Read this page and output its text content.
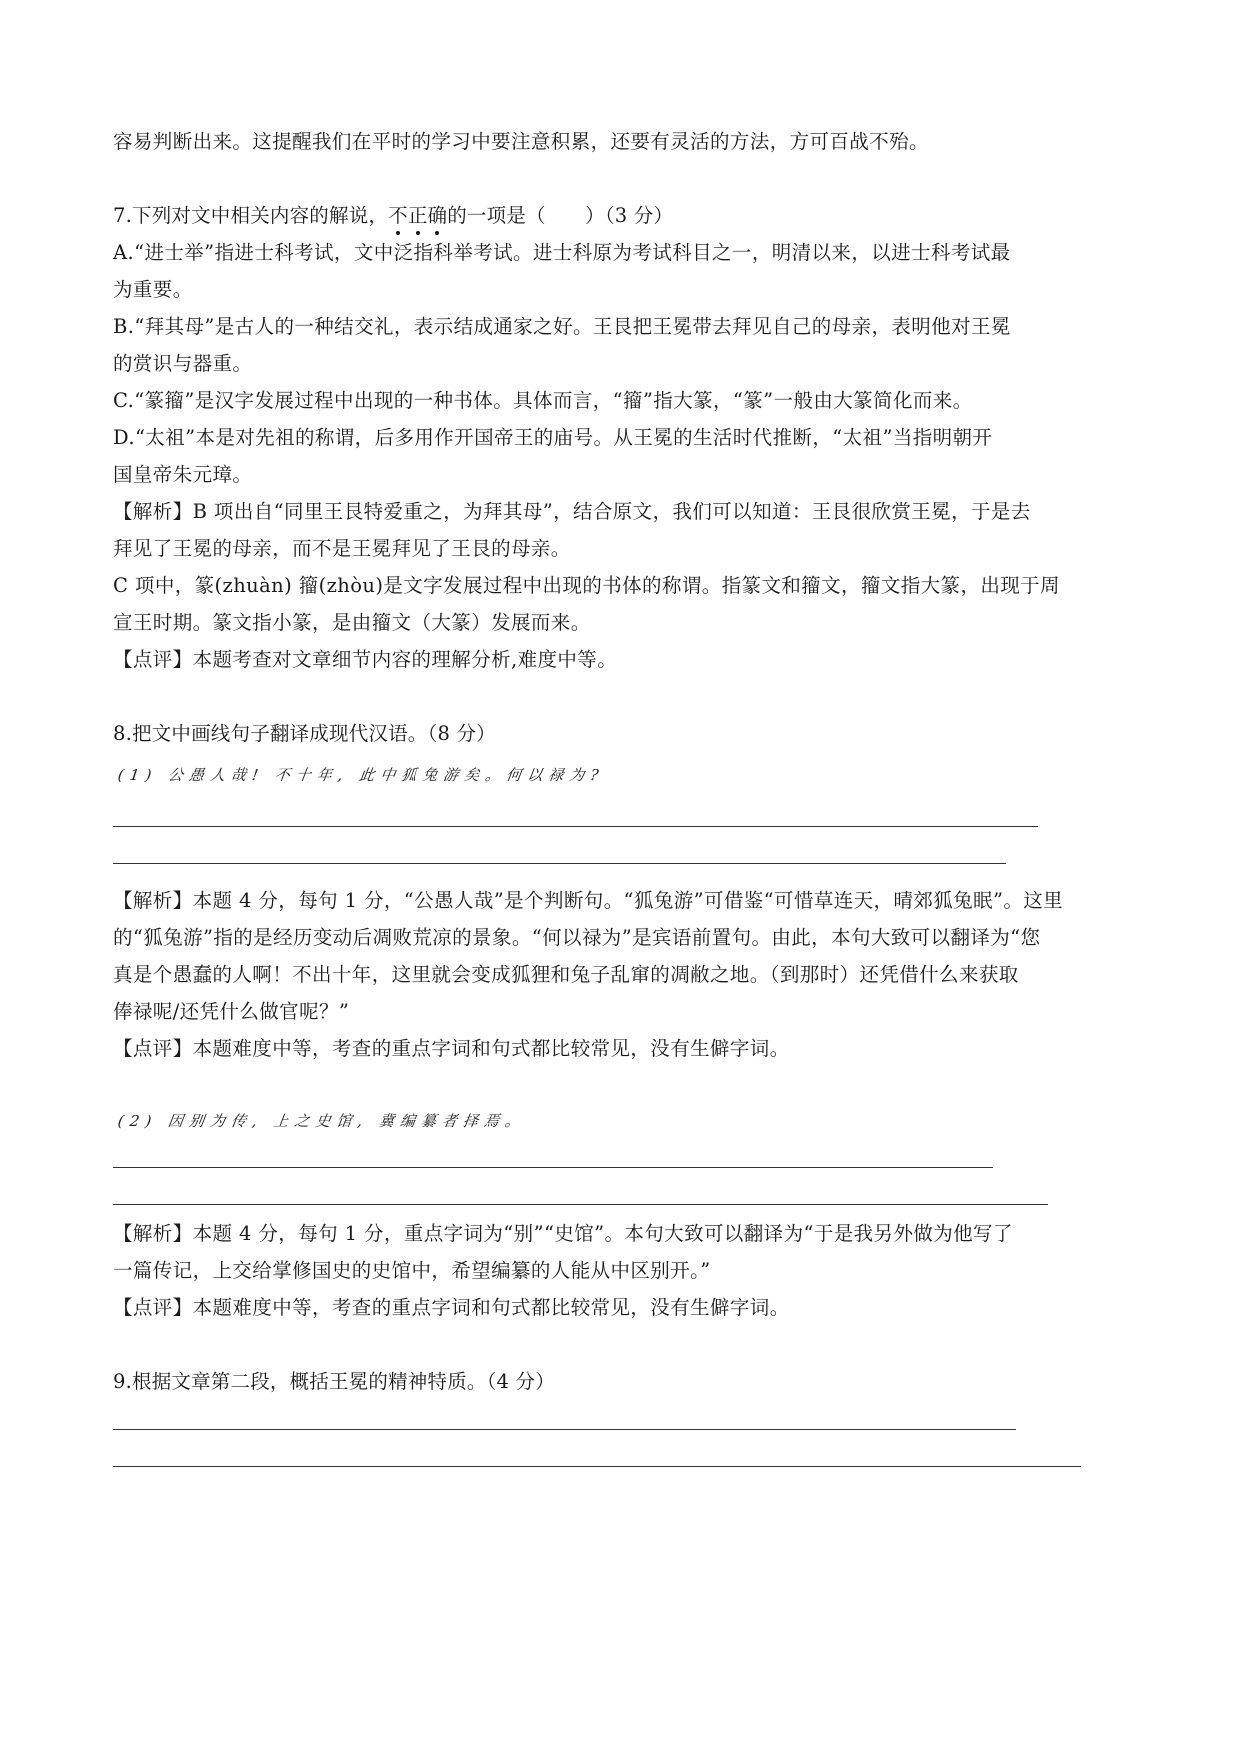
容易判断出来。这提醒我们在平时的学习中要注意积累，还要有灵活的方法，方可百战不殆。
7.下列对文中相关内容的解说，不正确的一项是（　　）（3 分）
A.“进士举”指进士科考试，文中泛指科举考试。进士科原为考试科目之一，明清以来，以进士科考试最
为重要。
B.“拜其母”是古人的一种结交礼，表示结成通家之好。王艮把王冕带去拜见自己的母亲，表明他对王冕
的赏识与器重。
C.“篆籀”是汉字发展过程中出现的一种书体。具体而言，“籀”指大篆，“篆”一般由大篆简化而来。
D.“太祖”本是对先祖的称谓，后多用作开国帝王的庙号。从王冕的生活时代推断，“太祖”当指明朝开
国皇帝朱元璋。
【解析】B 项出自“同里王艮特爱重之，为拜其母”，结合原文，我们可以知道：王艮很欣赏王冕，于是去
拜见了王冕的母亲，而不是王冕拜见了王艮的母亲。
C 项中，篆(zhuàn) 籀(zhòu)是文字发展过程中出现的书体的称谓。指篆文和籀文，籀文指大篆，出现于周
宣王时期。篆文指小篆，是由籀文（大篆）发展而来。
【点评】本题考查对文章细节内容的理解分析,难度中等。
8.把文中画线句子翻译成现代汉语。（8 分）
(1) 公愚人哉! 不十年, 此中狐兔游矣。何以禄为?
【解析】本题 4 分，每句 1 分，“公愚人哉”是个判断句。“狐兔游”可借鉴“可惜草连天，晴郊狐兔眠”。这里
的“狐兔游”指的是经历变动后凋败荒凉的景象。“何以禄为”是宾语前置句。由此，本句大致可以翻译为“您
真是个愚蠢的人啊！不出十年，这里就会变成狐狸和兔子乱窜的凋敝之地。（到那时）还凭借什么来获取
俸禄呢/还凭什么做官呢？”
【点评】本题难度中等，考查的重点字词和句式都比较常见，没有生僻字词。
(2) 因别为传, 上之史馆, 冀编纂者择焉。
【解析】本题 4 分，每句 1 分，重点字词为“别”“史馆”。本句大致可以翻译为“于是我另外做为他写了
一篇传记，上交给掌修国史的史馆中，希望编纂的人能从中区别开。”
【点评】本题难度中等，考查的重点字词和句式都比较常见，没有生僻字词。
9.根据文章第二段，概括王冕的精神特质。（4 分）
